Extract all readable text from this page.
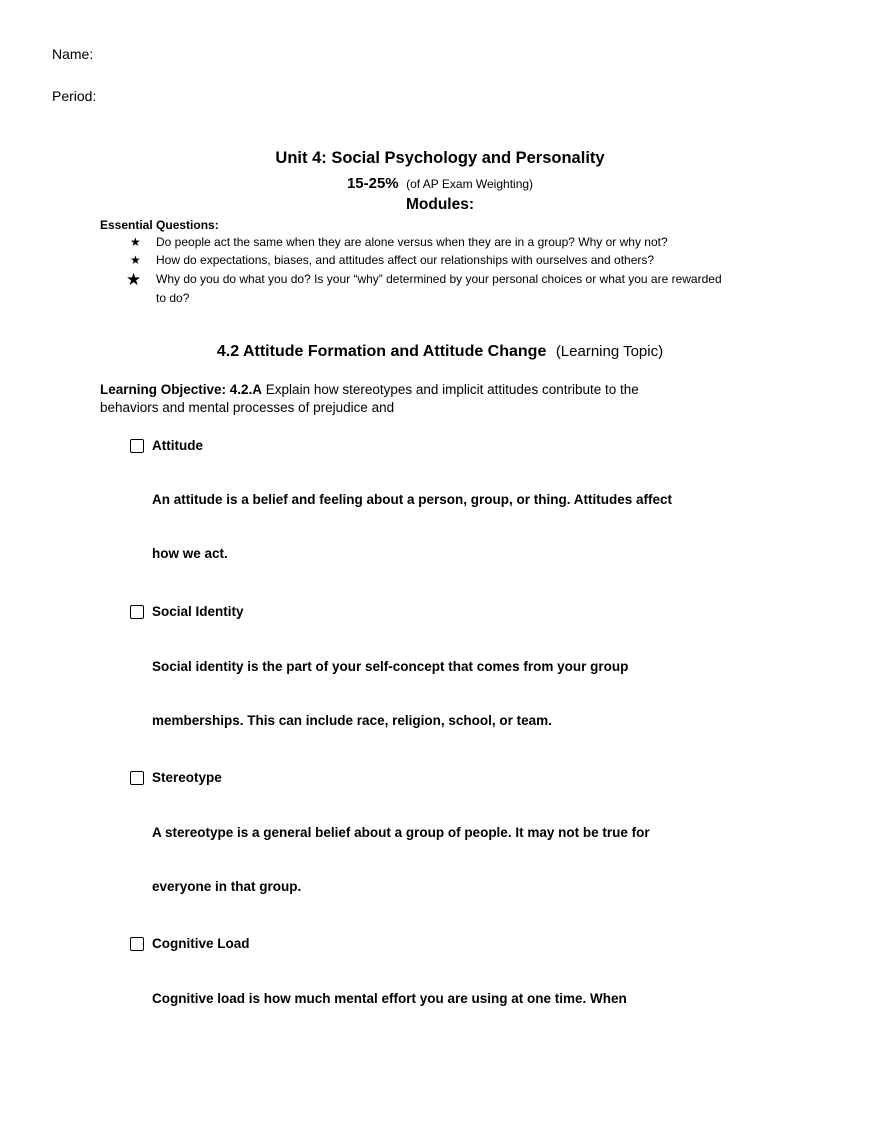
Name:
Period:
Unit 4: Social Psychology and Personality
15-25% (of AP Exam Weighting)
Modules:
Essential Questions:
★ Do people act the same when they are alone versus when they are in a group? Why or why not?
★ How do expectations, biases, and attitudes affect our relationships with ourselves and others?
★ Why do you do what you do? Is your “why” determined by your personal choices or what you are rewarded
to do?
4.2 Attitude Formation and Attitude Change (Learning Topic)
Learning Objective: 4.2.A Explain how stereotypes and implicit attitudes contribute to the
behaviors and mental processes of prejudice and
Attitude
An attitude is a belief and feeling about a person, group, or thing. Attitudes affect
how we act.
Social Identity
Social identity is the part of your self-concept that comes from your group
memberships. This can include race, religion, school, or team.
Stereotype
A stereotype is a general belief about a group of people. It may not be true for
everyone in that group.
Cognitive Load
Cognitive load is how much mental effort you are using at one time. When
